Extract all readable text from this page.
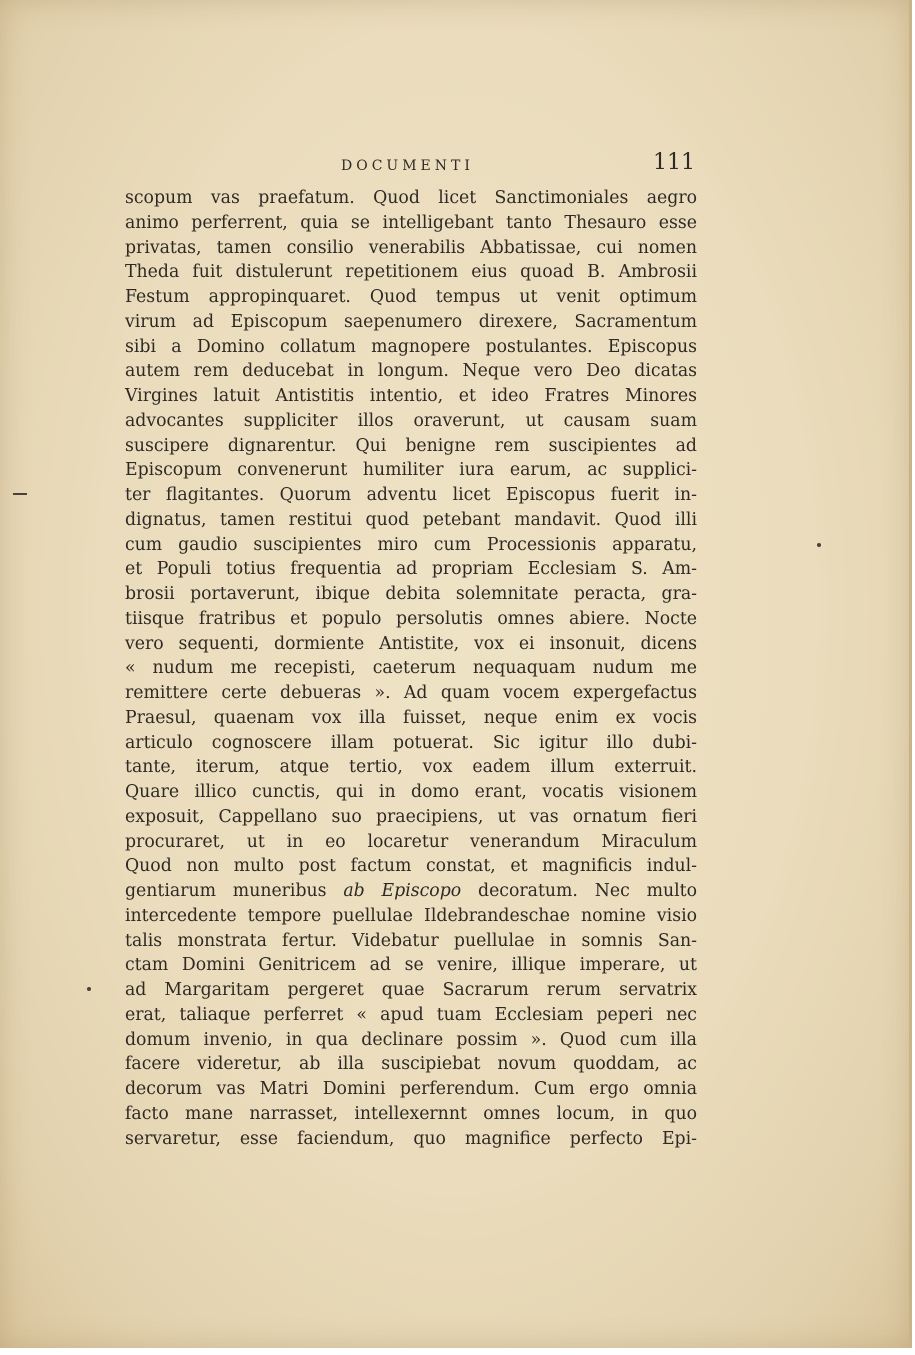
DOCUMENTI	111
scopum vas praefatum. Quod licet Sanctimoniales aegro
animo perferrent, quia se intelligebant tanto Thesauro esse
privatas, tamen consilio venerabilis Abbatissae, cui nomen
Theda fuit distulerunt repetitionem eius quoad B. Ambrosii
Festum appropinquaret. Quod tempus ut venit optimum
virum ad Episcopum saepenumero direxere, Sacramentum
sibi a Domino collatum magnopere postulantes. Episcopus
autem rem deducebat in longum. Neque vero Deo dicatas
Virgines latuit Antistitis intentio, et ideo Fratres Minores
advocantes suppliciter illos oraverunt, ut causam suam
suscipere dignarentur. Qui benigne rem suscipientes ad
Episcopum convenerunt humiliter iura earum, ac supplici-
ter flagitantes. Quorum adventu licet Episcopus fuerit in-
dignatus, tamen restitui quod petebant mandavit. Quod illi
cum gaudio suscipientes miro cum Processionis apparatu,
et Populi totius frequentia ad propriam Ecclesiam S. Am-
brosii portaverunt, ibique debita solemnitate peracta, gra-
tiisque fratribus et populo persolutis omnes abiere. Nocte
vero sequenti, dormiente Antistite, vox ei insonuit, dicens
« nudum me recepisti, caeterum nequaquam nudum me
remittere certe debueras ». Ad quam vocem expergefactus
Praesul, quaenam vox illa fuisset, neque enim ex vocis
articulo cognoscere illam potuerat. Sic igitur illo dubi-
tante, iterum, atque tertio, vox eadem illum exterruit.
Quare illico cunctis, qui in domo erant, vocatis visionem
exposuit, Cappellano suo praecipiens, ut vas ornatum fieri
procuraret, ut in eo locaretur venerandum Miraculum
Quod non multo post factum constat, et magnificis indul-
gentiarum muneribus ab Episcopo decoratum. Nec multo
intercedente tempore puellulae Ildebrandeschae nomine visio
talis monstrata fertur. Videbatur puellulae in somnis San-
ctam Domini Genitricem ad se venire, illique imperare, ut
ad Margaritam pergeret quae Sacrarum rerum servatrix
erat, taliaque perferret « apud tuam Ecclesiam peperi nec
domum invenio, in qua declinare possim ». Quod cum illa
facere videretur, ab illa suscipiebat novum quoddam, ac
decorum vas Matri Domini perferendum. Cum ergo omnia
facto mane narrasset, intellexernnt omnes locum, in quo
servaretur, esse faciendum, quo magnifice perfecto Epi-
